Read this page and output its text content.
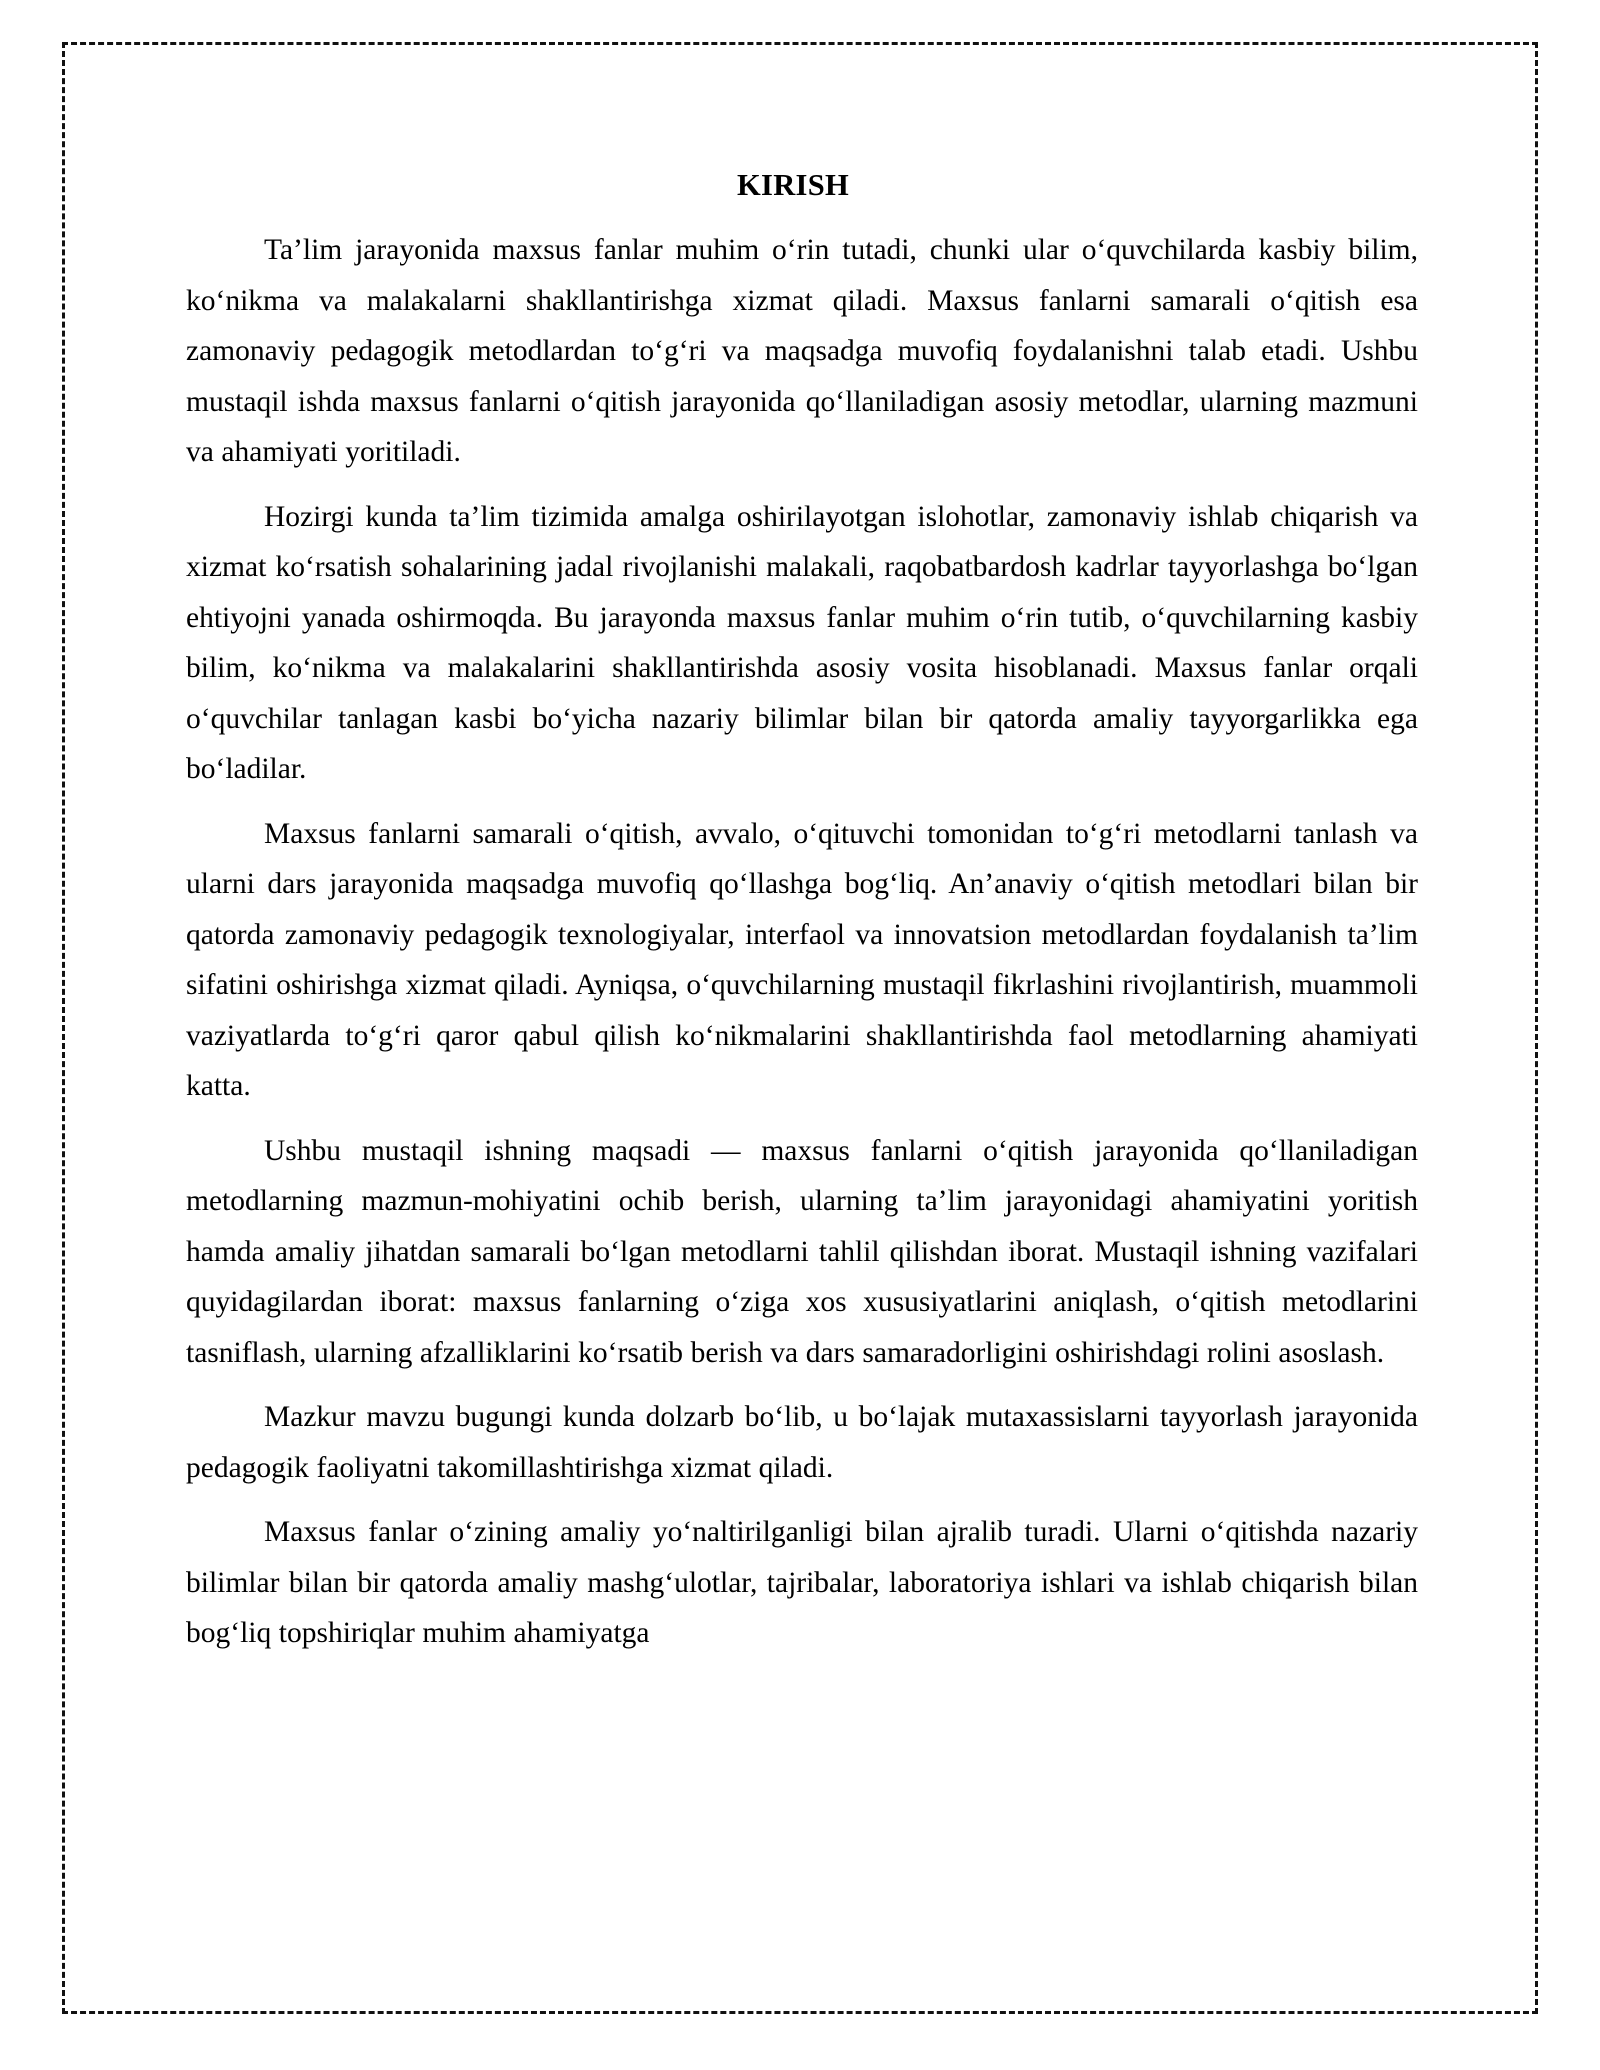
KIRISH

Ta’lim jarayonida maxsus fanlar muhim o‘rin tutadi, chunki ular o‘quvchilarda kasbiy bilim, ko‘nikma va malakalarni shakllantirishga xizmat qiladi. Maxsus fanlarni samarali o‘qitish esa zamonaviy pedagogik metodlardan to‘g‘ri va maqsadga muvofiq foydalanishni talab etadi. Ushbu mustaqil ishda maxsus fanlarni o‘qitish jarayonida qo‘llaniladigan asosiy metodlar, ularning mazmuni va ahamiyati yoritiladi.

Hozirgi kunda ta’lim tizimida amalga oshirilayotgan islohotlar, zamonaviy ishlab chiqarish va xizmat ko‘rsatish sohalarining jadal rivojlanishi malakali, raqobatbardosh kadrlar tayyorlashga bo‘lgan ehtiyojni yanada oshirmoqda. Bu jarayonda maxsus fanlar muhim o‘rin tutib, o‘quvchilarning kasbiy bilim, ko‘nikma va malakalarini shakllantirishda asosiy vosita hisoblanadi. Maxsus fanlar orqali o‘quvchilar tanlagan kasbi bo‘yicha nazariy bilimlar bilan bir qatorda amaliy tayyorgarlikka ega bo‘ladilar.

Maxsus fanlarni samarali o‘qitish, avvalo, o‘qituvchi tomonidan to‘g‘ri metodlarni tanlash va ularni dars jarayonida maqsadga muvofiq qo‘llashga bog‘liq. An’anaviy o‘qitish metodlari bilan bir qatorda zamonaviy pedagogik texnologiyalar, interfaol va innovatsion metodlardan foydalanish ta’lim sifatini oshirishga xizmat qiladi. Ayniqsa, o‘quvchilarning mustaqil fikrlashini rivojlantirish, muammoli vaziyatlarda to‘g‘ri qaror qabul qilish ko‘nikmalarini shakllantirishda faol metodlarning ahamiyati katta.

Ushbu mustaqil ishning maqsadi — maxsus fanlarni o‘qitish jarayonida qo‘llaniladigan metodlarning mazmun-mohiyatini ochib berish, ularning ta’lim jarayonidagi ahamiyatini yoritish hamda amaliy jihatdan samarali bo‘lgan metodlarni tahlil qilishdan iborat. Mustaqil ishning vazifalari quyidagilardan iborat: maxsus fanlarning o‘ziga xos xususiyatlarini aniqlash, o‘qitish metodlarini tasniflash, ularning afzalliklarini ko‘rsatib berish va dars samaradorligini oshirishdagi rolini asoslash.

Mazkur mavzu bugungi kunda dolzarb bo‘lib, u bo‘lajak mutaxassislarni tayyorlash jarayonida pedagogik faoliyatni takomillashtirishga xizmat qiladi.

Maxsus fanlar o‘zining amaliy yo‘naltirilganligi bilan ajralib turadi. Ularni o‘qitishda nazariy bilimlar bilan bir qatorda amaliy mashg‘ulotlar, tajribalar, laboratoriya ishlari va ishlab chiqarish bilan bog‘liq topshiriqlar muhim ahamiyatga
